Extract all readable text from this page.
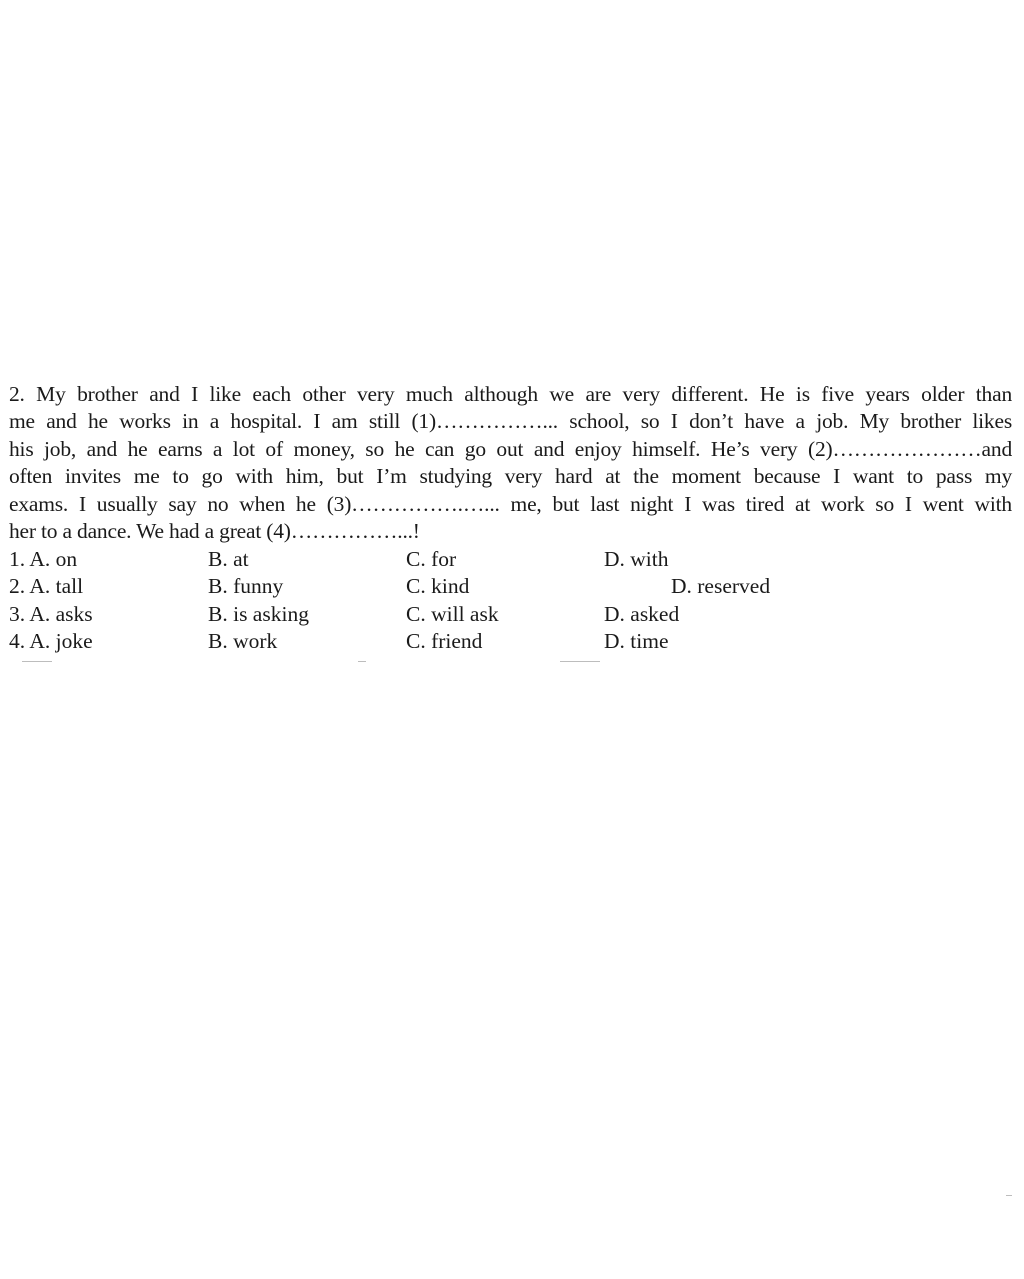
2. My brother and I like each other very much although we are very different. He is five years older than
me and he works in a hospital. I am still (1)……………... school, so I don’t have a job. My brother likes
his job, and he earns a lot of money, so he can go out and enjoy himself. He’s very (2)…………………and
often invites me to go with him, but I’m studying very hard at the moment because I want to pass my
exams. I usually say no when he (3)…………….…... me, but last night I was tired at work so I went with
her to a dance. We had a great (4)……………...!
1. A. on	B. at	C. for	D. with
2. A. tall	B. funny	C. kind	D. reserved
3. A. asks	B. is asking	C. will ask	D. asked
4. A. joke	B. work	C. friend	D. time
